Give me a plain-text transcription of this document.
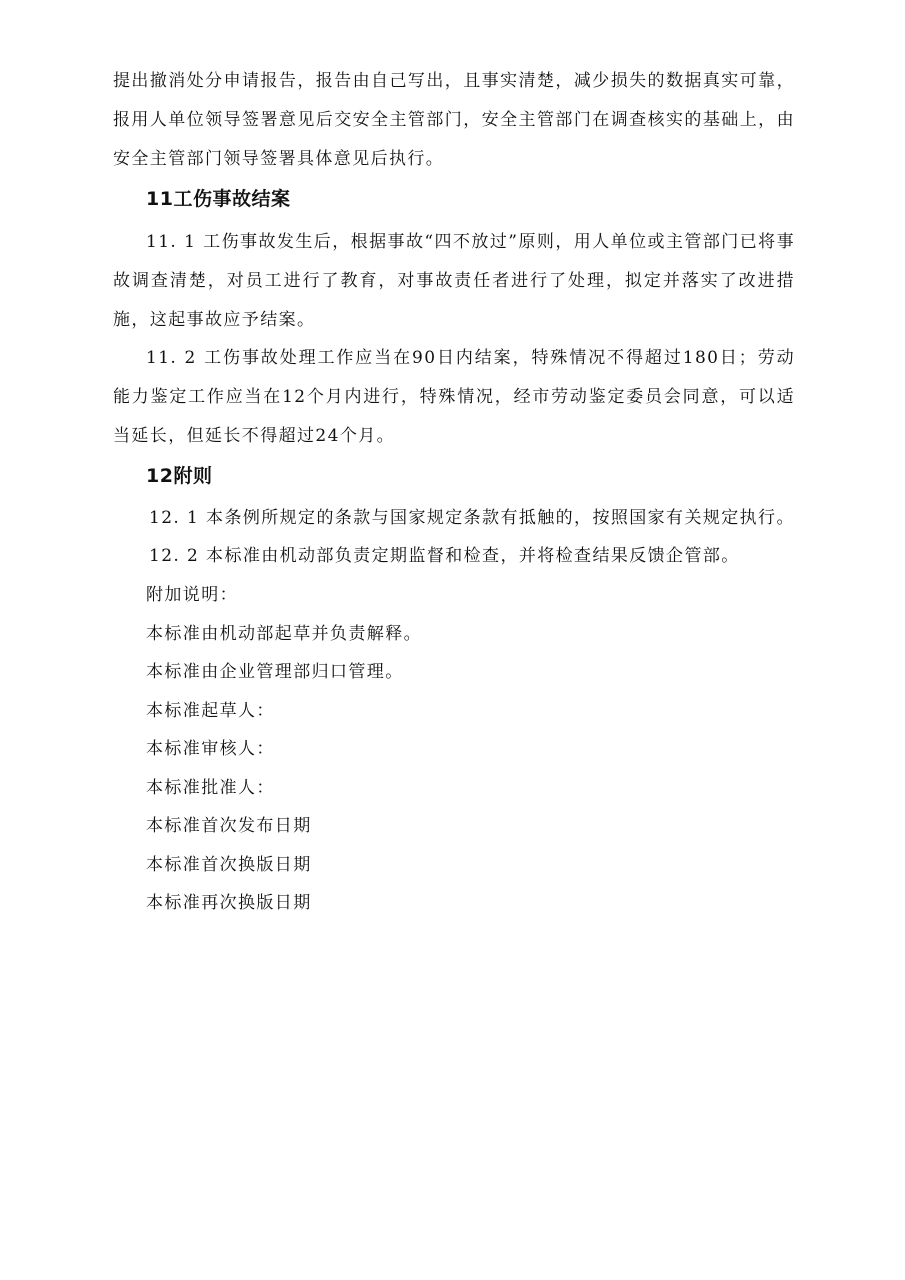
提出撤消处分申请报告，报告由自己写出，且事实清楚，减少损失的数据真实可靠，报用人单位领导签署意见后交安全主管部门，安全主管部门在调查核实的基础上，由安全主管部门领导签署具体意见后执行。

11工伤事故结案

11. 1 工伤事故发生后，根据事故“四不放过”原则，用人单位或主管部门已将事故调查清楚，对员工进行了教育，对事故责任者进行了处理，拟定并落实了改进措施，这起事故应予结案。

11. 2 工伤事故处理工作应当在90日内结案，特殊情况不得超过180日；劳动能力鉴定工作应当在12个月内进行，特殊情况，经市劳动鉴定委员会同意，可以适当延长，但延长不得超过24个月。

12附则

12. 1 本条例所规定的条款与国家规定条款有抵触的，按照国家有关规定执行。

12. 2 本标准由机动部负责定期监督和检查，并将检查结果反馈企管部。

附加说明：

本标准由机动部起草并负责解释。

本标准由企业管理部归口管理。

本标准起草人：

本标准审核人：

本标准批准人：

本标准首次发布日期

本标准首次换版日期

本标准再次换版日期
